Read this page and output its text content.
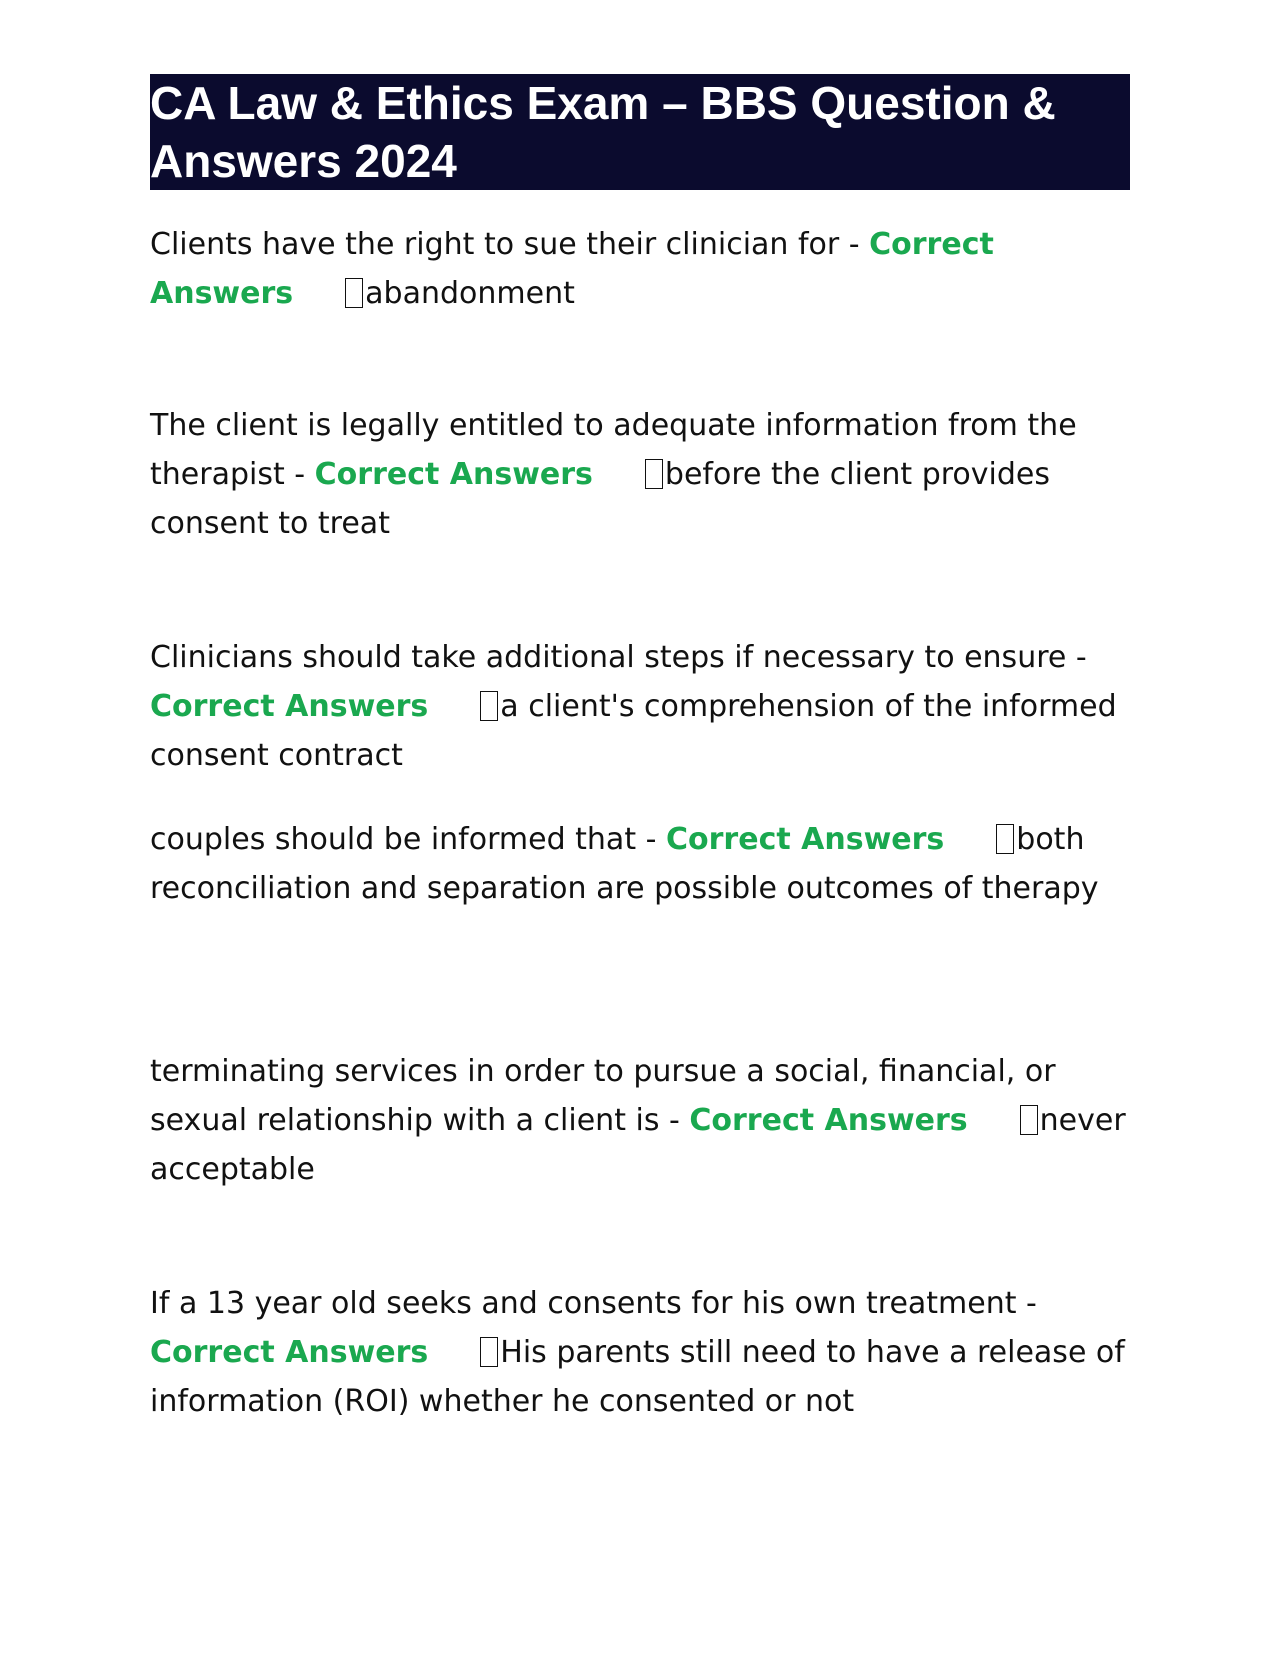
CA Law & Ethics Exam – BBS Question & Answers 2024

Clients have the right to sue their clinician for - Correct Answers abandonment

The client is legally entitled to adequate information from the therapist - Correct Answers before the client provides consent to treat

Clinicians should take additional steps if necessary to ensure - Correct Answers a client's comprehension of the informed consent contract

couples should be informed that - Correct Answers both reconciliation and separation are possible outcomes of therapy

terminating services in order to pursue a social, financial, or sexual relationship with a client is - Correct Answers never acceptable

If a 13 year old seeks and consents for his own treatment - Correct Answers His parents still need to have a release of information (ROI) whether he consented or not
